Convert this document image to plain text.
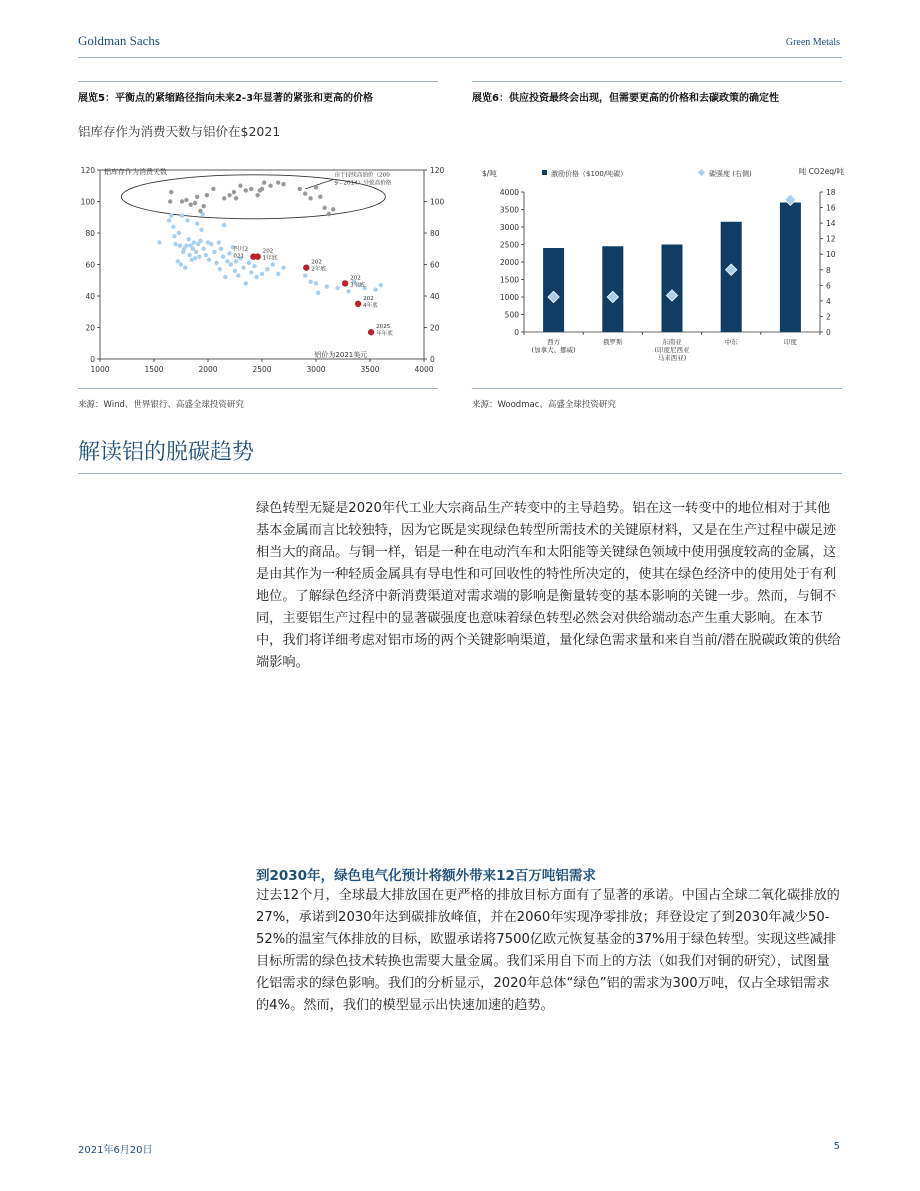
Goldman Sachs	Green Metals
展览5：平衡点的紧缩路径指向未来2-3年显著的紧张和更高的价格	展览6：供应投资最终会出现，但需要更高的价格和去碳政策的确定性
铝库存作为消费天数与铝价在$2021
0	0
20	20
40	40
60	60
80	80
100	100
120	120
1000	1500	2000	2500	3000	3500	4000
铝库存作为消费天数
铝价为2021美元
由于持续高油价（200 9 - 2014）导致高价格
四月2 021
202 1年底
202 2年底
202 3年底
202 4年底
2025 年年底	0
500
1000
1500
2000
2500
3000
3500
4000
0
2
4
6
8
10
12
14
16
18
$/吨	吨 CO2eq/吨
激励价格（$100/吨碳）	碳强度 (右侧)
西方(加拿大、挪威)
俄罗斯	东南亚(印度尼西亚马来西亚)
中东	印度
来源：Wind、世界银行、高盛全球投资研究	来源：Woodmac、高盛全球投资研究
解读铝的脱碳趋势

绿色转型无疑是2020年代工业大宗商品生产转变中的主导趋势。铝在这一转变中的地位相对于其他基本金属而言比较独特，因为它既是实现绿色转型所需技术的关键原材料，又是在生产过程中碳足迹相当大的商品。与铜一样，铝是一种在电动汽车和太阳能等关键绿色领域中使用强度较高的金属，这是由其作为一种轻质金属具有导电性和可回收性的特性所决定的，使其在绿色经济中的使用处于有利地位。了解绿色经济中新消费渠道对需求端的影响是衡量转变的基本影响的关键一步。然而，与铜不同，主要铝生产过程中的显著碳强度也意味着绿色转型必然会对供给端动态产生重大影响。在本节中，我们将详细考虑对铝市场的两个关键影响渠道，量化绿色需求量和来自当前/潜在脱碳政策的供给端影响。

到2030年，绿色电气化预计将额外带来12百万吨铝需求

过去12个月，全球最大排放国在更严格的排放目标方面有了显著的承诺。中国占全球二氧化碳排放的27%，承诺到2030年达到碳排放峰值，并在2060年实现净零排放；拜登设定了到2030年减少50-52%的温室气体排放的目标，欧盟承诺将7500亿欧元恢复基金的37%用于绿色转型。实现这些减排目标所需的绿色技术转换也需要大量金属。我们采用自下而上的方法（如我们对铜的研究），试图量化铝需求的绿色影响。我们的分析显示，2020年总体“绿色”铝的需求为300万吨，仅占全球铝需求的4%。然而，我们的模型显示出快速加速的趋势。

2021年6月20日	5
